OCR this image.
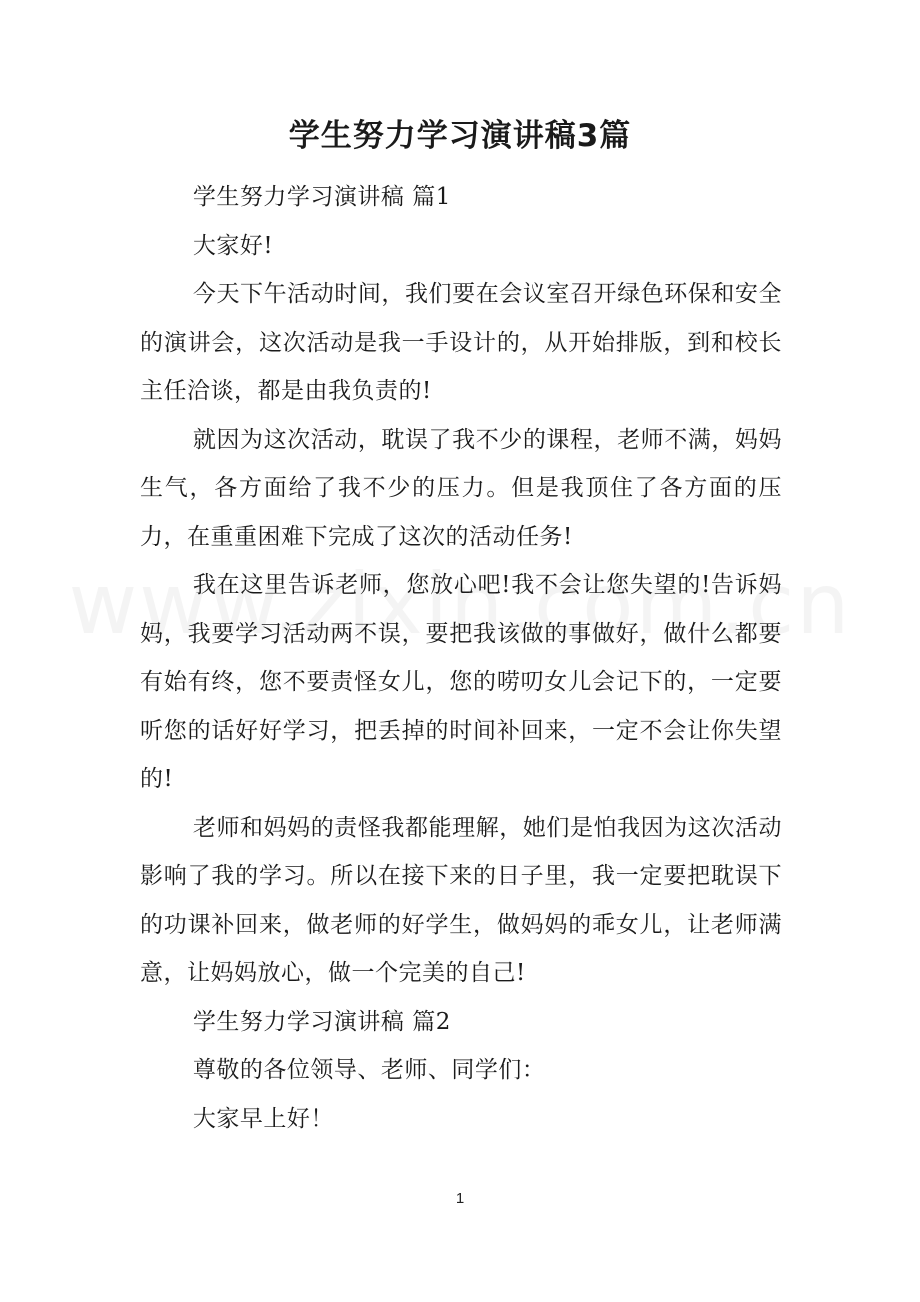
学生努力学习演讲稿3篇

学生努力学习演讲稿 篇1

大家好!

今天下午活动时间，我们要在会议室召开绿色环保和安全的演讲会，这次活动是我一手设计的，从开始排版，到和校长主任洽谈，都是由我负责的!

就因为这次活动，耽误了我不少的课程，老师不满，妈妈生气，各方面给了我不少的压力。但是我顶住了各方面的压力，在重重困难下完成了这次的活动任务!

我在这里告诉老师，您放心吧!我不会让您失望的!告诉妈妈，我要学习活动两不误，要把我该做的事做好，做什么都要有始有终，您不要责怪女儿，您的唠叨女儿会记下的，一定要听您的话好好学习，把丢掉的时间补回来，一定不会让你失望的!

老师和妈妈的责怪我都能理解，她们是怕我因为这次活动影响了我的学习。所以在接下来的日子里，我一定要把耽误下的功课补回来，做老师的好学生，做妈妈的乖女儿，让老师满意，让妈妈放心，做一个完美的自己!

学生努力学习演讲稿 篇2

尊敬的各位领导、老师、同学们：

大家早上好！

1
